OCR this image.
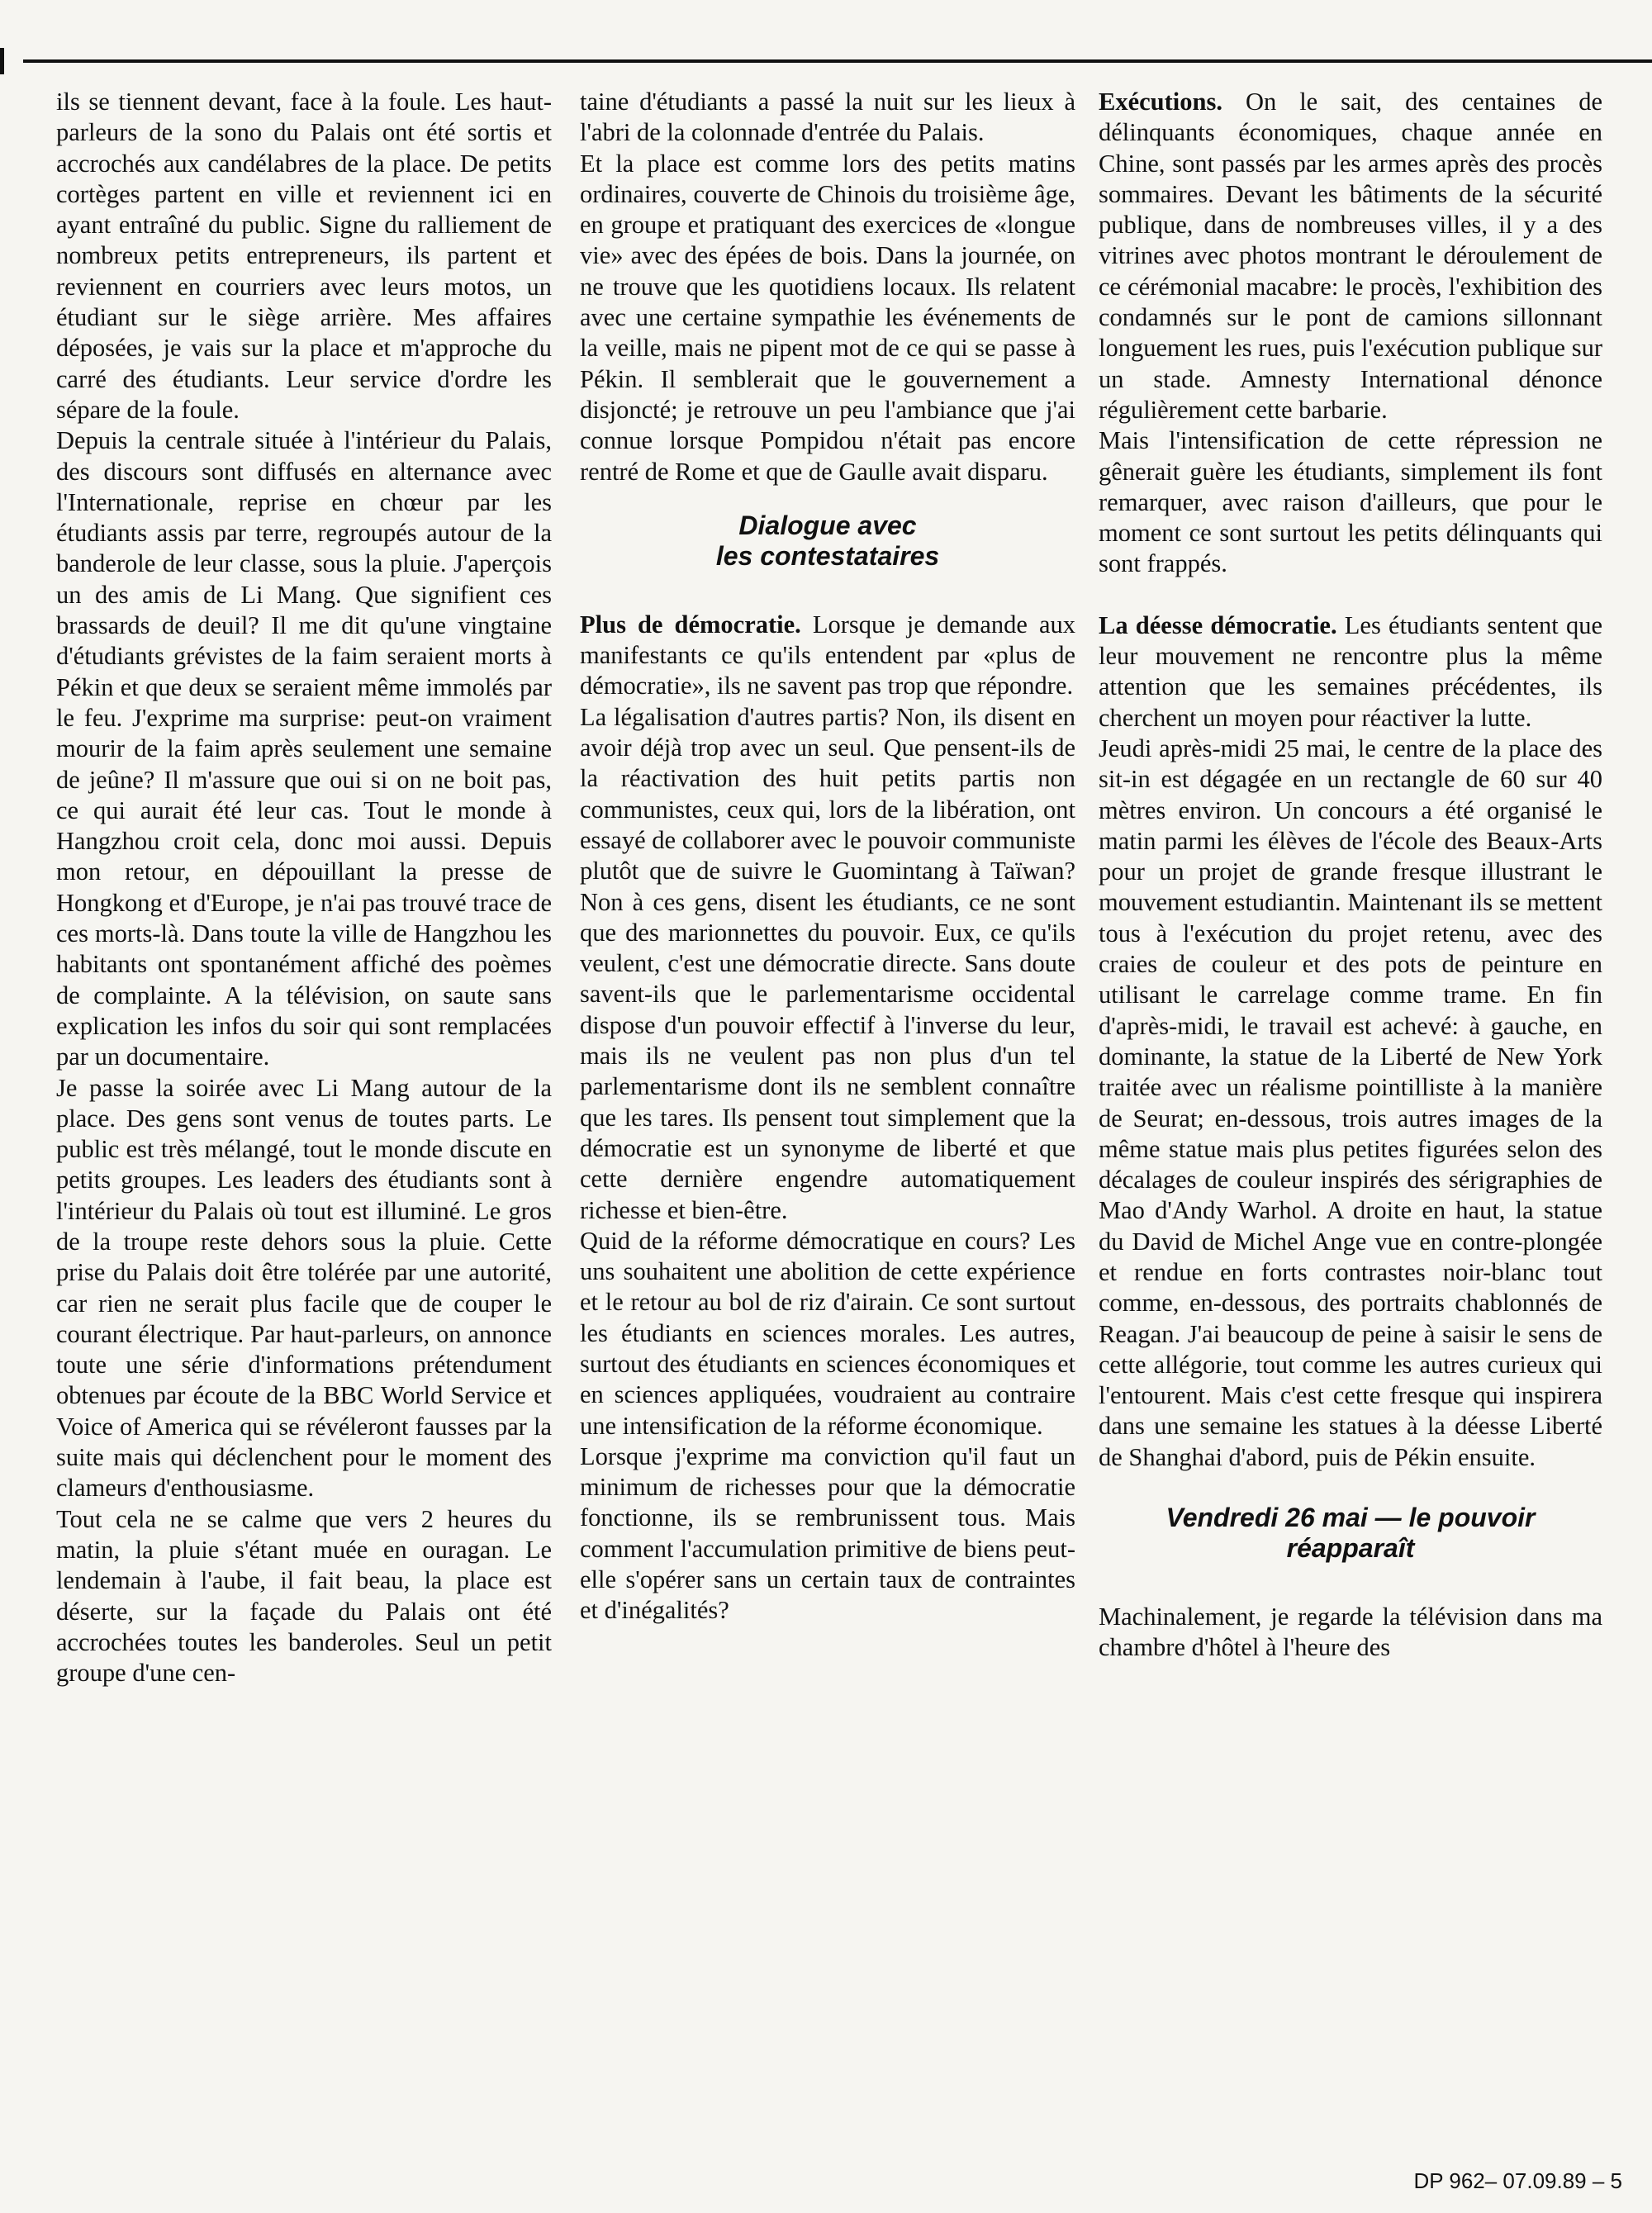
ils se tiennent devant, face à la foule. Les haut-parleurs de la sono du Palais ont été sortis et accrochés aux candélabres de la place. De petits cortèges partent en ville et reviennent ici en ayant entraîné du public. Signe du ralliement de nombreux petits entrepreneurs, ils partent et reviennent en courriers avec leurs motos, un étudiant sur le siège arrière. Mes affaires déposées, je vais sur la place et m'approche du carré des étudiants. Leur service d'ordre les sépare de la foule.

Depuis la centrale située à l'intérieur du Palais, des discours sont diffusés en alternance avec l'Internationale, reprise en chœur par les étudiants assis par terre, regroupés autour de la banderole de leur classe, sous la pluie. J'aperçois un des amis de Li Mang. Que signifient ces brassards de deuil? Il me dit qu'une vingtaine d'étudiants grévistes de la faim seraient morts à Pékin et que deux se seraient même immolés par le feu. J'exprime ma surprise: peut-on vraiment mourir de la faim après seulement une semaine de jeûne? Il m'assure que oui si on ne boit pas, ce qui aurait été leur cas. Tout le monde à Hangzhou croit cela, donc moi aussi. Depuis mon retour, en dépouillant la presse de Hongkong et d'Europe, je n'ai pas trouvé trace de ces morts-là. Dans toute la ville de Hangzhou les habitants ont spontanément affiché des poèmes de complainte. A la télévision, on saute sans explication les infos du soir qui sont remplacées par un documentaire.

Je passe la soirée avec Li Mang autour de la place. Des gens sont venus de toutes parts. Le public est très mélangé, tout le monde discute en petits groupes. Les leaders des étudiants sont à l'intérieur du Palais où tout est illuminé. Le gros de la troupe reste dehors sous la pluie. Cette prise du Palais doit être tolérée par une autorité, car rien ne serait plus facile que de couper le courant électrique. Par haut-parleurs, on annonce toute une série d'informations prétendument obtenues par écoute de la BBC World Service et Voice of America qui se révéleront fausses par la suite mais qui déclenchent pour le moment des clameurs d'enthousiasme.

Tout cela ne se calme que vers 2 heures du matin, la pluie s'étant muée en ouragan. Le lendemain à l'aube, il fait beau, la place est déserte, sur la façade du Palais ont été accrochées toutes les banderoles. Seul un petit groupe d'une cen-

taine d'étudiants a passé la nuit sur les lieux à l'abri de la colonnade d'entrée du Palais.

Et la place est comme lors des petits matins ordinaires, couverte de Chinois du troisième âge, en groupe et pratiquant des exercices de «longue vie» avec des épées de bois. Dans la journée, on ne trouve que les quotidiens locaux. Ils relatent avec une certaine sympathie les événements de la veille, mais ne pipent mot de ce qui se passe à Pékin. Il semblerait que le gouvernement a disjoncté; je retrouve un peu l'ambiance que j'ai connue lorsque Pompidou n'était pas encore rentré de Rome et que de Gaulle avait disparu.

Dialogue avec
les contestataires

Plus de démocratie. Lorsque je demande aux manifestants ce qu'ils entendent par «plus de démocratie», ils ne savent pas trop que répondre.

La légalisation d'autres partis? Non, ils disent en avoir déjà trop avec un seul. Que pensent-ils de la réactivation des huit petits partis non communistes, ceux qui, lors de la libération, ont essayé de collaborer avec le pouvoir communiste plutôt que de suivre le Guomintang à Taïwan? Non à ces gens, disent les étudiants, ce ne sont que des marionnettes du pouvoir. Eux, ce qu'ils veulent, c'est une démocratie directe. Sans doute savent-ils que le parlementarisme occidental dispose d'un pouvoir effectif à l'inverse du leur, mais ils ne veulent pas non plus d'un tel parlementarisme dont ils ne semblent connaître que les tares. Ils pensent tout simplement que la démocratie est un synonyme de liberté et que cette dernière engendre automatiquement richesse et bien-être.

Quid de la réforme démocratique en cours? Les uns souhaitent une abolition de cette expérience et le retour au bol de riz d'airain. Ce sont surtout les étudiants en sciences morales. Les autres, surtout des étudiants en sciences économiques et en sciences appliquées, voudraient au contraire une intensification de la réforme économique.

Lorsque j'exprime ma conviction qu'il faut un minimum de richesses pour que la démocratie fonctionne, ils se rembrunissent tous. Mais comment l'accumulation primitive de biens peut-elle s'opérer sans un certain taux de contraintes et d'inégalités?

Exécutions. On le sait, des centaines de délinquants économiques, chaque année en Chine, sont passés par les armes après des procès sommaires. Devant les bâtiments de la sécurité publique, dans de nombreuses villes, il y a des vitrines avec photos montrant le déroulement de ce cérémonial macabre: le procès, l'exhibition des condamnés sur le pont de camions sillonnant longuement les rues, puis l'exécution publique sur un stade. Amnesty International dénonce régulièrement cette barbarie.

Mais l'intensification de cette répression ne gênerait guère les étudiants, simplement ils font remarquer, avec raison d'ailleurs, que pour le moment ce sont surtout les petits délinquants qui sont frappés.

La déesse démocratie. Les étudiants sentent que leur mouvement ne rencontre plus la même attention que les semaines précédentes, ils cherchent un moyen pour réactiver la lutte.

Jeudi après-midi 25 mai, le centre de la place des sit-in est dégagée en un rectangle de 60 sur 40 mètres environ. Un concours a été organisé le matin parmi les élèves de l'école des Beaux-Arts pour un projet de grande fresque illustrant le mouvement estudiantin. Maintenant ils se mettent tous à l'exécution du projet retenu, avec des craies de couleur et des pots de peinture en utilisant le carrelage comme trame. En fin d'après-midi, le travail est achevé: à gauche, en dominante, la statue de la Liberté de New York traitée avec un réalisme pointilliste à la manière de Seurat; en-dessous, trois autres images de la même statue mais plus petites figurées selon des décalages de couleur inspirés des sérigraphies de Mao d'Andy Warhol. A droite en haut, la statue du David de Michel Ange vue en contre-plongée et rendue en forts contrastes noir-blanc tout comme, en-dessous, des portraits chablonnés de Reagan. J'ai beaucoup de peine à saisir le sens de cette allégorie, tout comme les autres curieux qui l'entourent. Mais c'est cette fresque qui inspirera dans une semaine les statues à la déesse Liberté de Shanghai d'abord, puis de Pékin ensuite.

Vendredi 26 mai — le pouvoir
réapparaît

Machinalement, je regarde la télévision dans ma chambre d'hôtel à l'heure des

DP 962– 07.09.89 – 5
